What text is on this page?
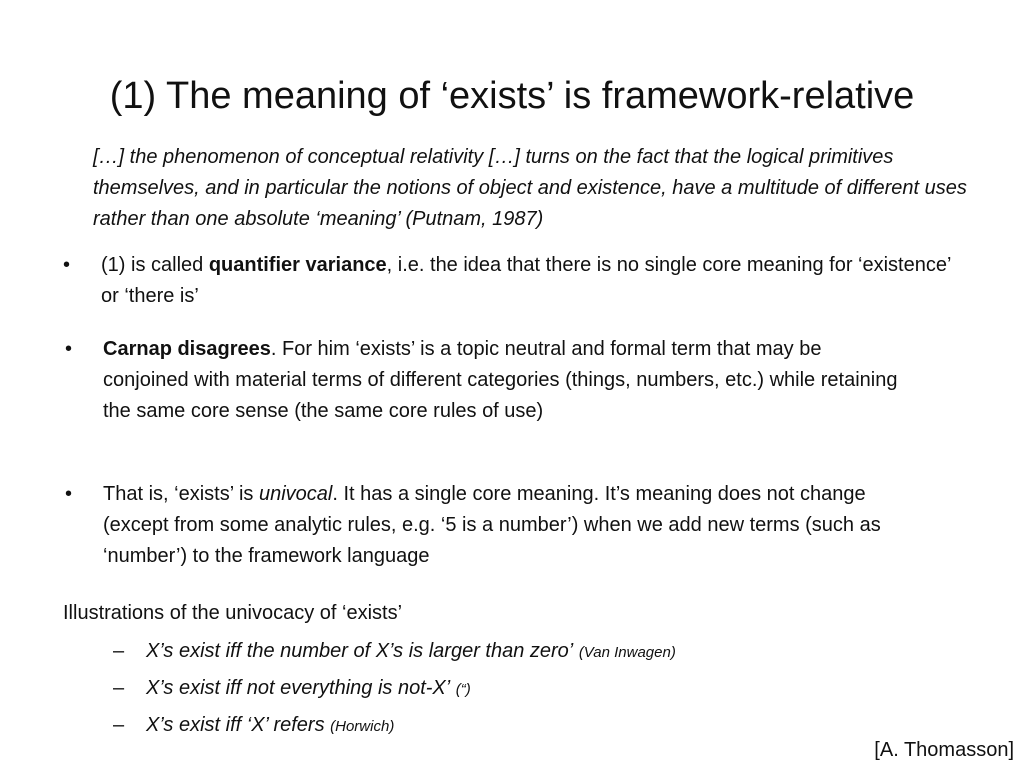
(1) The meaning of ‘exists’ is framework-relative
[…] the phenomenon of conceptual relativity […] turns on the fact that the logical primitives themselves, and in particular the notions of object and existence, have a multitude of different uses rather than one absolute ‘meaning’ (Putnam, 1987)
• (1) is called quantifier variance, i.e. the idea that there is no single core meaning for ‘existence’ or ‘there is’
• Carnap disagrees. For him ‘exists’ is a topic neutral and formal term that may be conjoined with material terms of different categories (things, numbers, etc.) while retaining the same core sense (the same core rules of use)
• That is, ‘exists’ is univocal. It has a single core meaning. It’s meaning does not change (except from some analytic rules, e.g. ‘5 is a number’) when we add new terms (such as ‘number’) to the framework language
Illustrations of the univocacy of ‘exists’
– X’s exist iff the number of X’s is larger than zero’ (Van Inwagen)
– X’s exist iff not everything is not-X’ (“)
– X’s exist iff ‘X’ refers (Horwich)
[A. Thomasson]
